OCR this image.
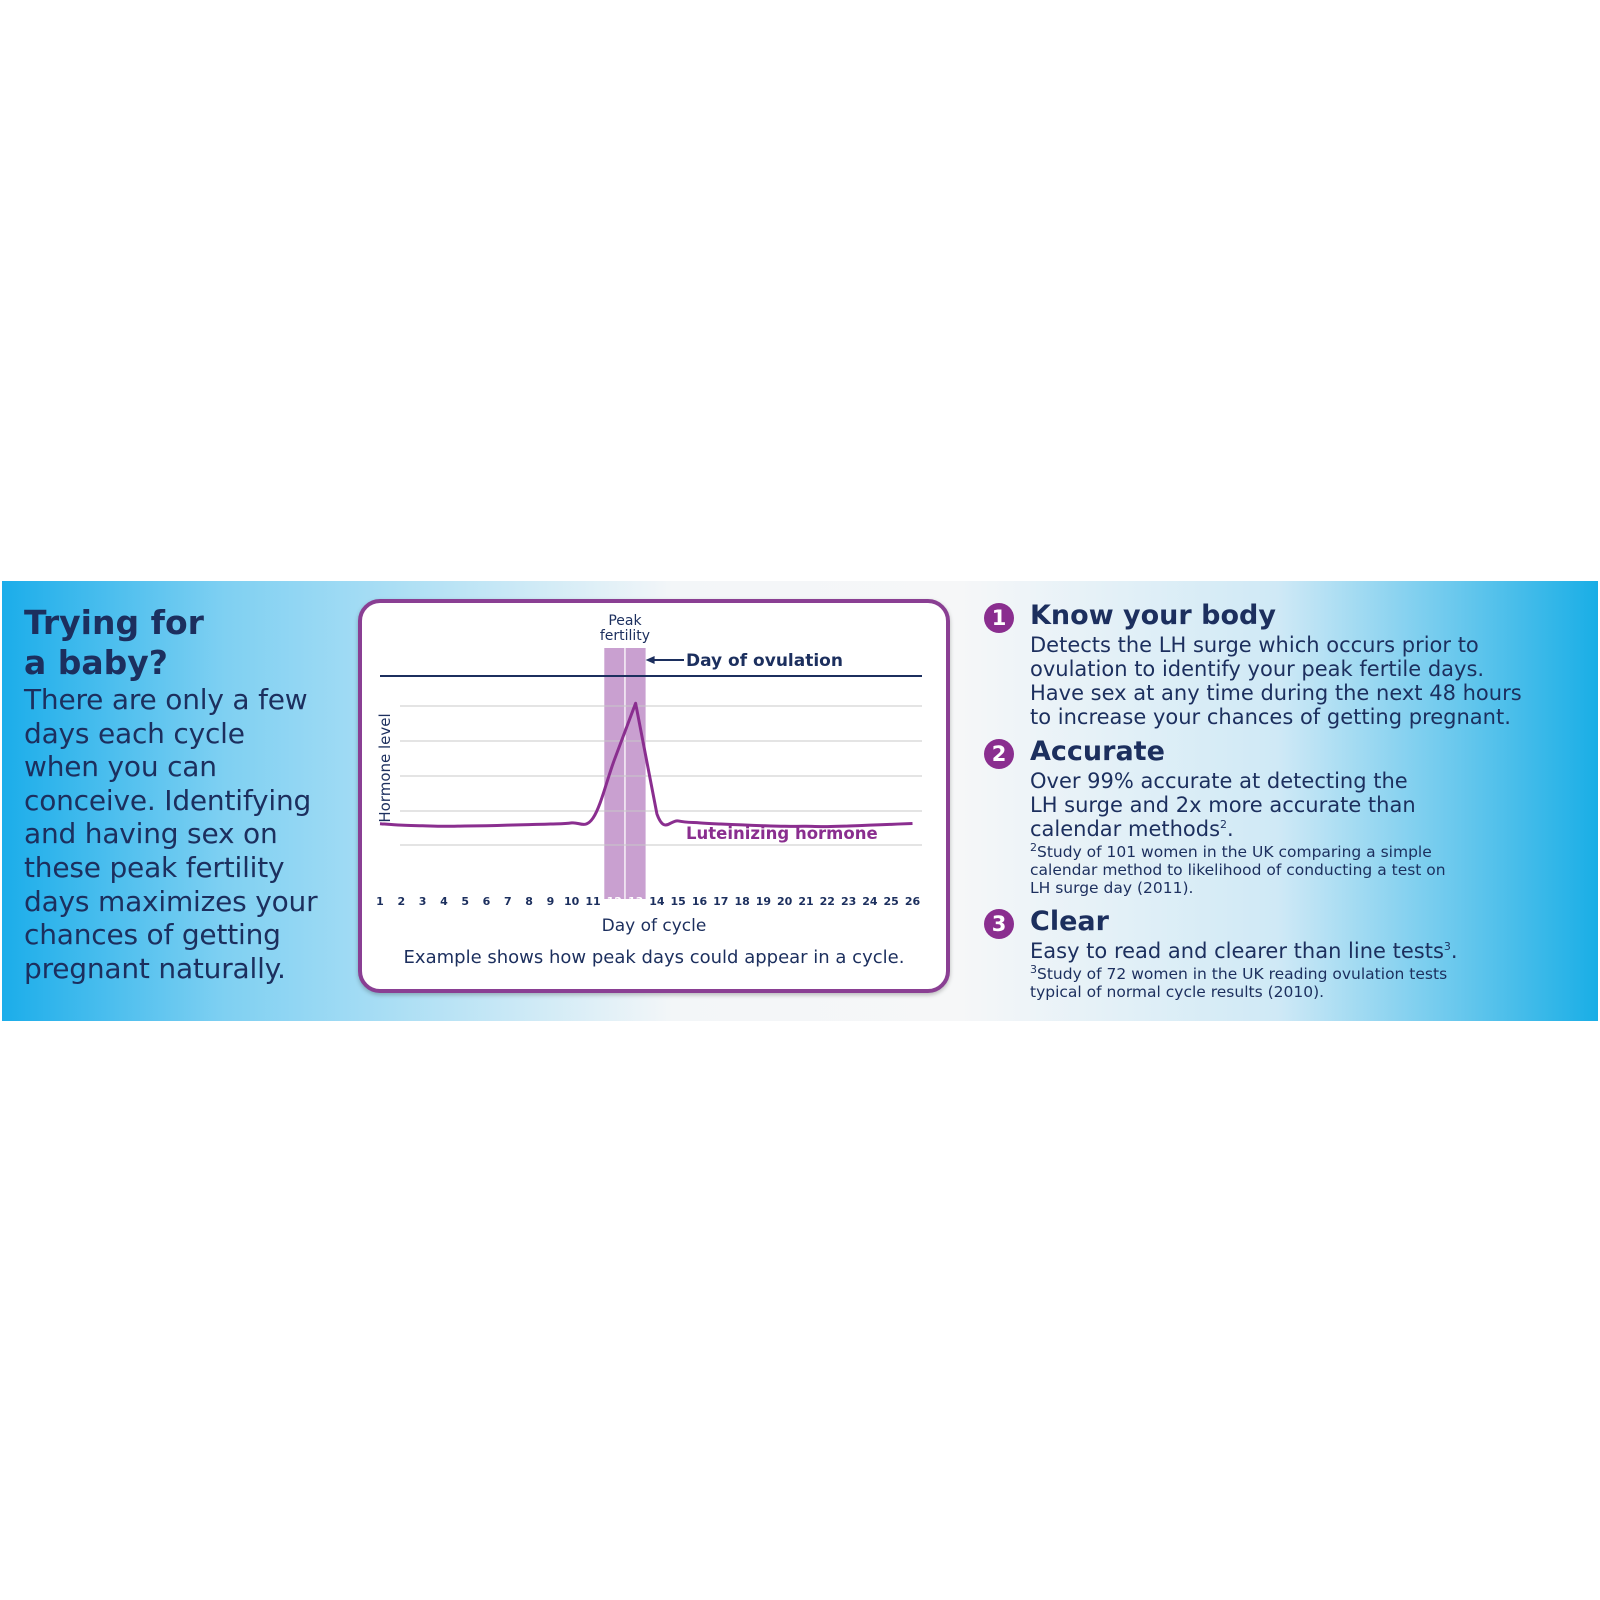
Trying for

a baby?

There are only a few

days each cycle

when you can

conceive. Identifying

and having sex on

these peak fertility

days maximizes your

chances of getting

pregnant naturally.

1 2 3 4 5 6 7 8 9 10 11 12 13 14 15 16 17 18 19 20 21 22 23 24 25 26
Peak
fertility
Day of ovulation
Luteinizing hormone
Hormone level
Day of cycle
Example shows how peak days could appear in a cycle.
1 Know your body

Detects the LH surge which occurs prior to

ovulation to identify your peak fertile days.

Have sex at any time during the next 48 hours

to increase your chances of getting pregnant.

2 Accurate

Over 99% accurate at detecting the

LH surge and 2x more accurate than

calendar methods$^2$.

$^2$Study of 101 women in the UK comparing a simple

calendar method to likelihood of conducting a test on

LH surge day (2011).

3 Clear

Easy to read and clearer than line tests$^3$.

$^3$Study of 72 women in the UK reading ovulation tests

typical of normal cycle results (2010).
